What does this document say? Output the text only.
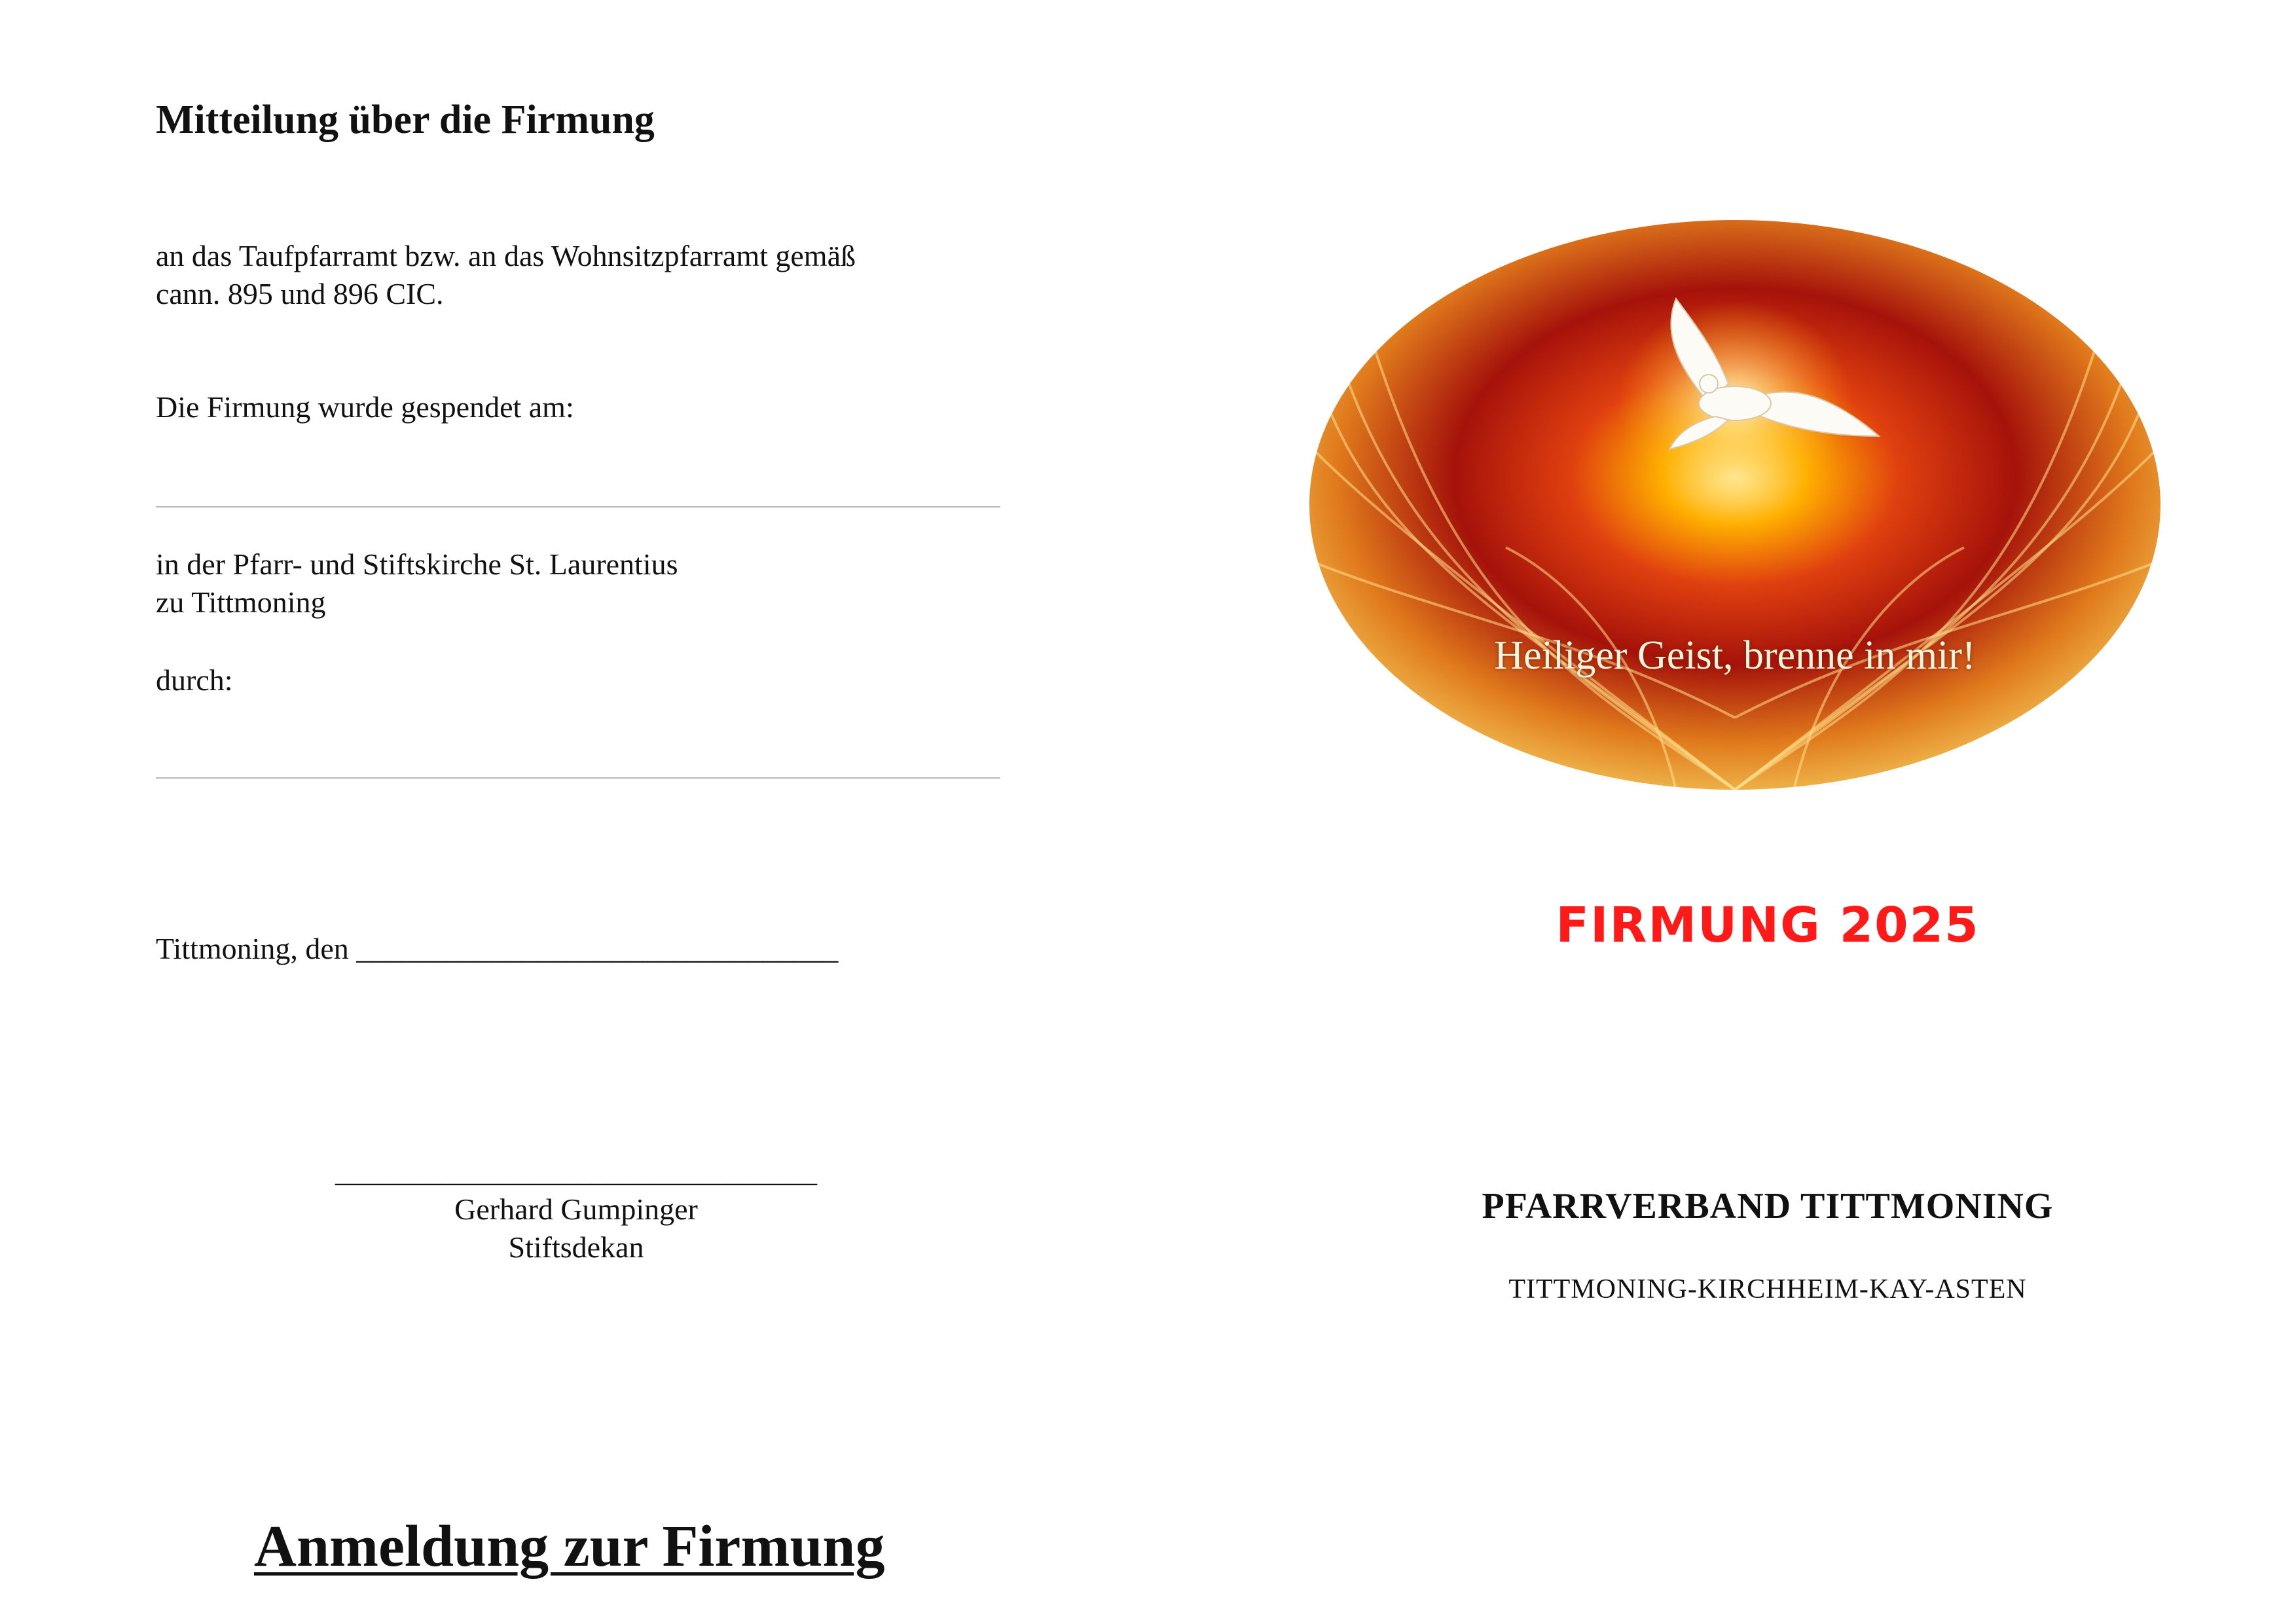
Mitteilung über die Firmung
an das Taufpfarramt bzw. an das Wohnsitzpfarramt gemäß
cann. 895 und 896 CIC.
Die Firmung wurde gespendet am:
in der Pfarr- und Stiftskirche St. Laurentius
zu Tittmoning
durch:
Tittmoning, den ________________________________
________________________________
Gerhard Gumpinger
Stiftsdekan
Anmeldung zur Firmung
Heiliger Geist, brenne in mir!
FIRMUNG 2025
PFARRVERBAND TITTMONING
TITTMONING-KIRCHHEIM-KAY-ASTEN
